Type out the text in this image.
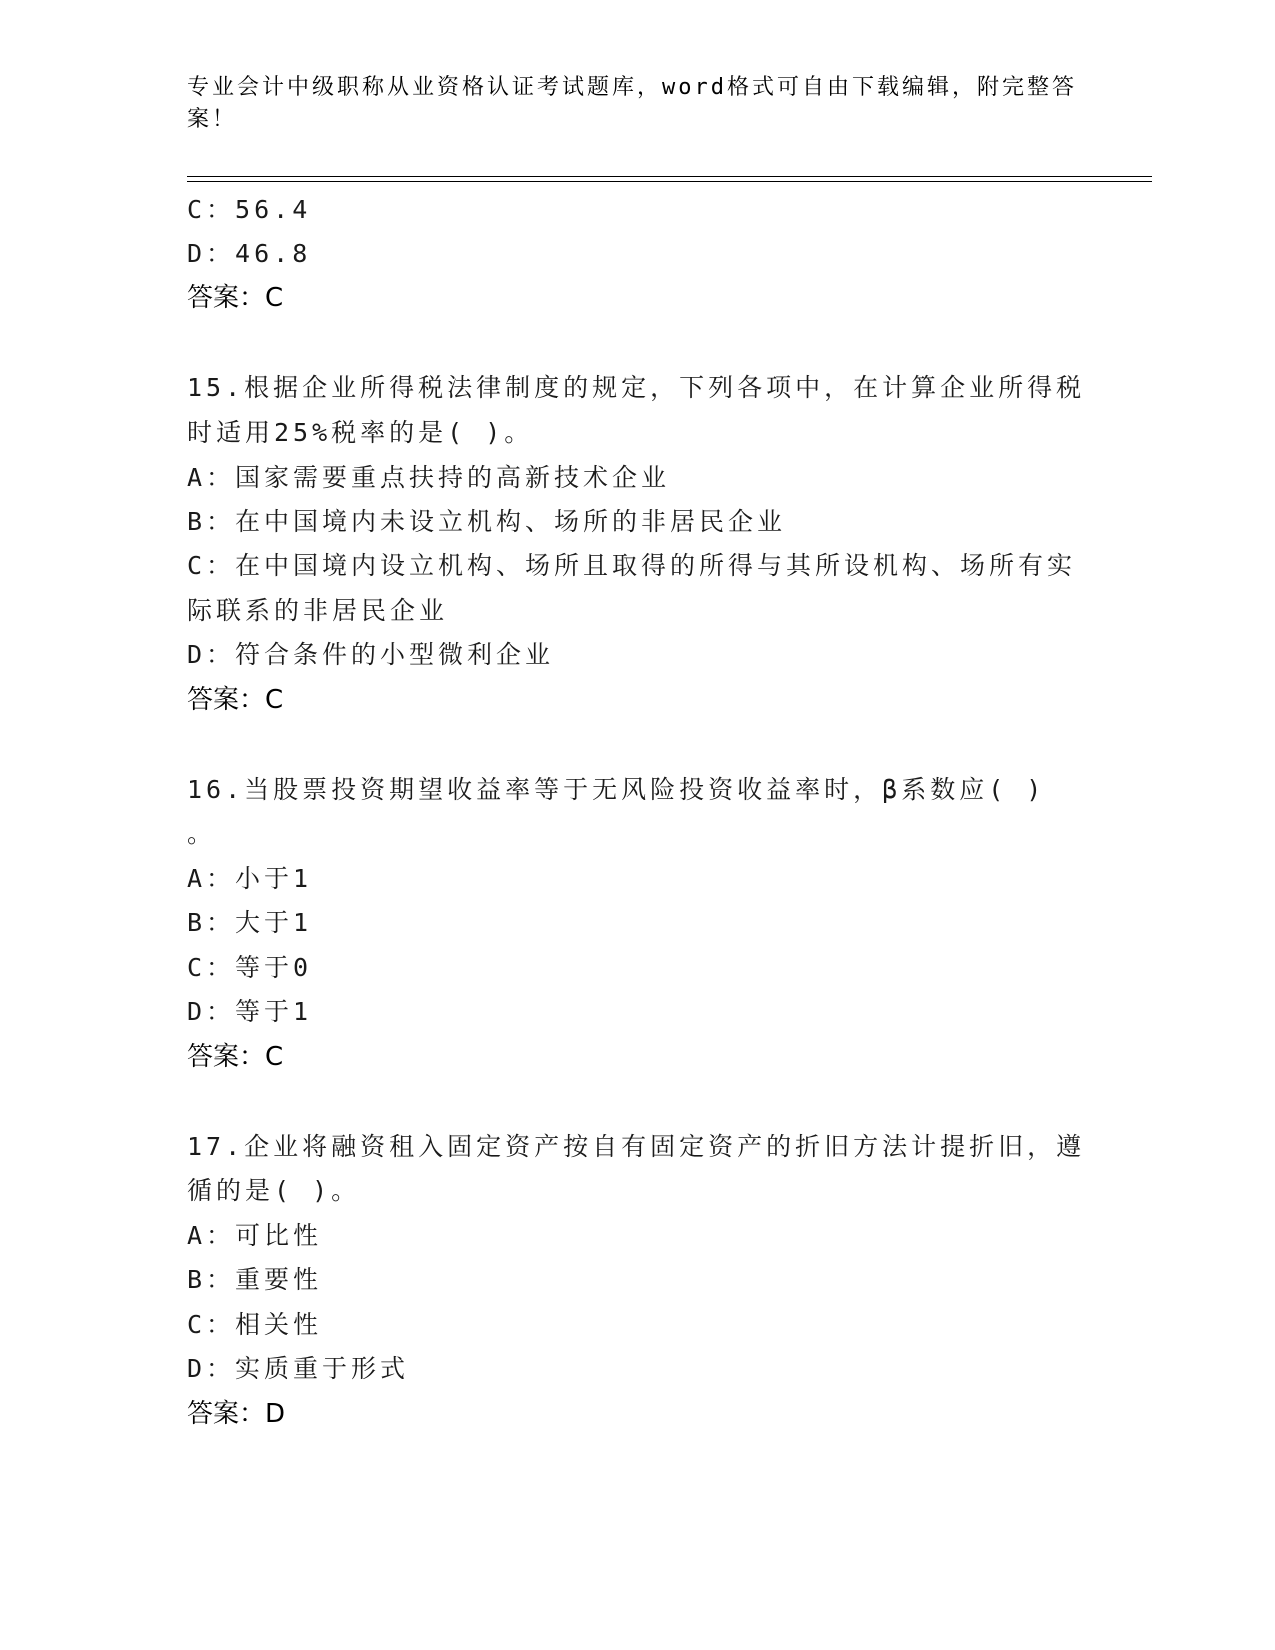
专业会计中级职称从业资格认证考试题库，word格式可自由下载编辑，附完整答案！
C：56.4
D：46.8
答案：C
15.根据企业所得税法律制度的规定，下列各项中，在计算企业所得税
时适用25%税率的是( )。
A：国家需要重点扶持的高新技术企业
B：在中国境内未设立机构、场所的非居民企业
C：在中国境内设立机构、场所且取得的所得与其所设机构、场所有实
际联系的非居民企业
D：符合条件的小型微利企业
答案：C
16.当股票投资期望收益率等于无风险投资收益率时，β系数应( )
。
A：小于1
B：大于1
C：等于0
D：等于1
答案：C
17.企业将融资租入固定资产按自有固定资产的折旧方法计提折旧，遵
循的是( )。
A：可比性
B：重要性
C：相关性
D：实质重于形式
答案：D
